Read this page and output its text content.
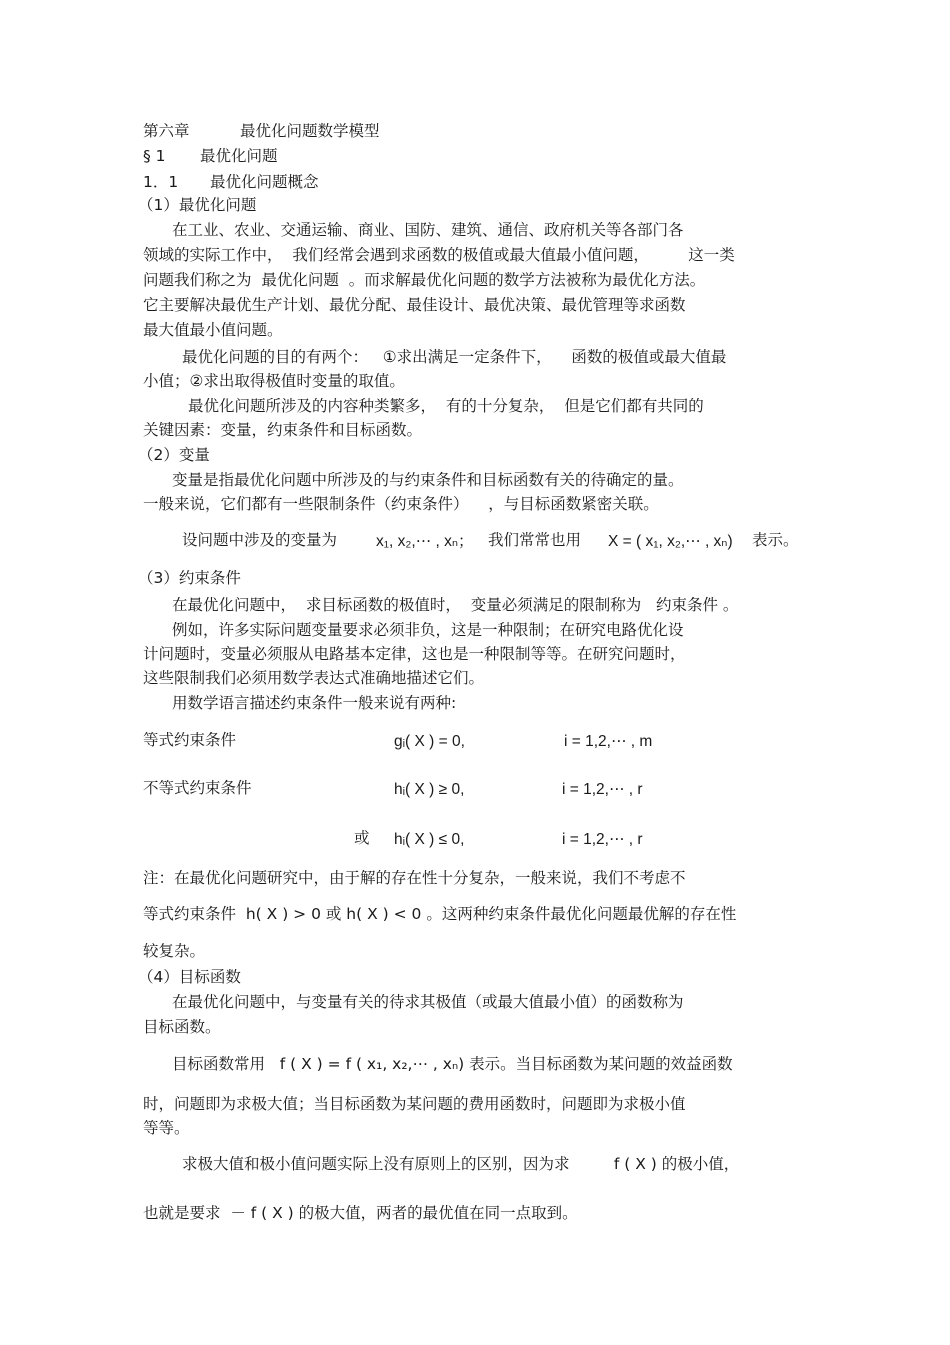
第六章	最优化问题数学模型
§ 1 最优化问题
1．1 最优化问题概念
（1）最优化问题
在工业、农业、交通运输、商业、国防、建筑、通信、政府机关等各部门各
领域的实际工作中，  我们经常会遇到求函数的极值或最大值最小值问题，        这一类
问题我们称之为  最优化问题  。而求解最优化问题的数学方法被称为最优化方法。
它主要解决最优生产计划、最优分配、最佳设计、最优决策、最优管理等求函数
最大值最小值问题。
最优化问题的目的有两个：   ①求出满足一定条件下，    函数的极值或最大值最
小值；②求出取得极值时变量的取值。
最优化问题所涉及的内容种类繁多，  有的十分复杂，  但是它们都有共同的
关键因素：变量，约束条件和目标函数。
（2）变量
变量是指最优化问题中所涉及的与约束条件和目标函数有关的待确定的量。
一般来说，它们都有一些限制条件（约束条件）    ，与目标函数紧密关联。
设问题中涉及的变量为	x₁, x₂,⋯ , xₙ； 我们常常也用 X = ( x₁, x₂,⋯ , xₙ) 表示。
（3）约束条件
在最优化问题中，  求目标函数的极值时，  变量必须满足的限制称为   约束条件 。
例如，许多实际问题变量要求必须非负，这是一种限制；在研究电路优化设
计问题时，变量必须服从电路基本定律，这也是一种限制等等。在研究问题时，
这些限制我们必须用数学表达式准确地描述它们。
用数学语言描述约束条件一般来说有两种:
等式约束条件	gᵢ( X ) = 0,	i = 1,2,⋯ , m
不等式约束条件	hᵢ( X ) ≥ 0,	i = 1,2,⋯ , r
或 hᵢ( X ) ≤ 0,	i = 1,2,⋯ , r
注：在最优化问题研究中，由于解的存在性十分复杂，一般来说，我们不考虑不
等式约束条件  h( X ) > 0 或 h( X ) < 0 。这两种约束条件最优化问题最优解的存在性
较复杂。
（4）目标函数
在最优化问题中，与变量有关的待求其极值（或最大值最小值）的函数称为
目标函数。
目标函数常用   f ( X ) = f ( x₁, x₂,⋯ , xₙ) 表示。当目标函数为某问题的效益函数
时，问题即为求极大值；当目标函数为某问题的费用函数时，问题即为求极小值
等等。
求极大值和极小值问题实际上没有原则上的区别，因为求         f ( X ) 的极小值，
也就是要求  － f ( X ) 的极大值，两者的最优值在同一点取到。
